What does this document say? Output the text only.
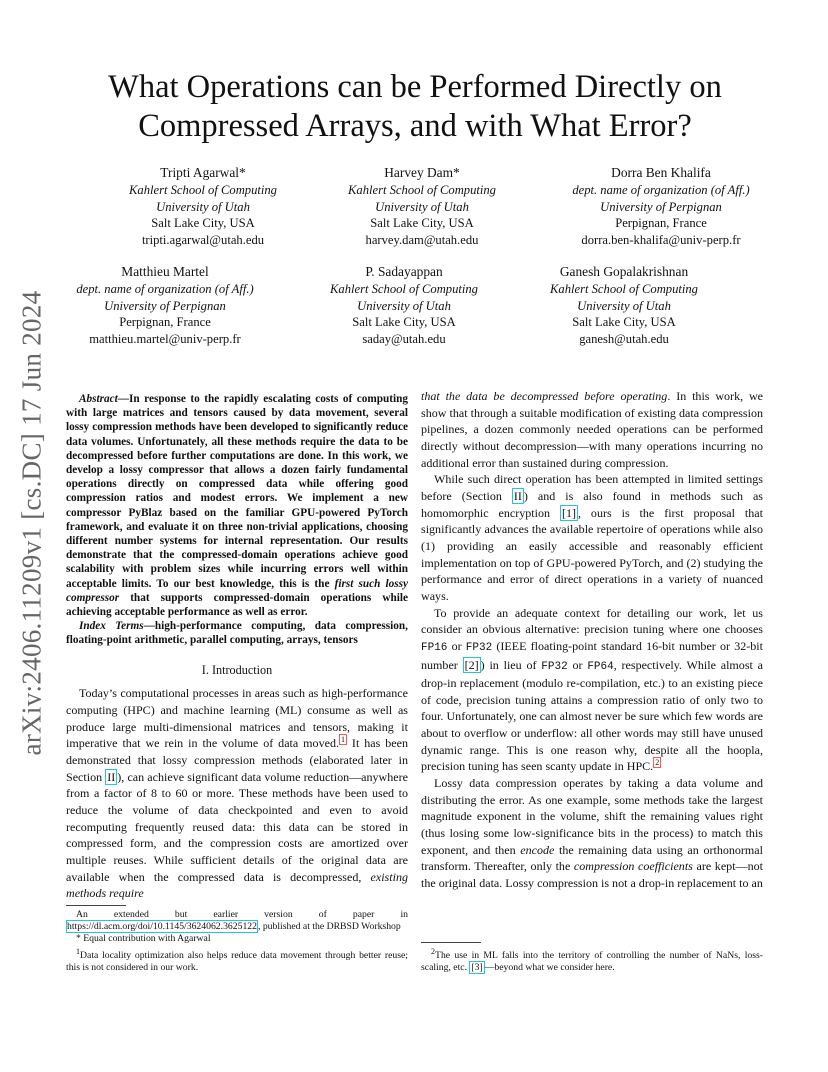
arXiv:2406.11209v1 [cs.DC] 17 Jun 2024
What Operations can be Performed Directly on
Compressed Arrays, and with What Error?
Tripti Agarwal*
Kahlert School of Computing
University of Utah
Salt Lake City, USA
tripti.agarwal@utah.edu
Harvey Dam*
Kahlert School of Computing
University of Utah
Salt Lake City, USA
harvey.dam@utah.edu
Dorra Ben Khalifa
dept. name of organization (of Aff.)
University of Perpignan
Perpignan, France
dorra.ben-khalifa@univ-perp.fr
Matthieu Martel
dept. name of organization (of Aff.)
University of Perpignan
Perpignan, France
matthieu.martel@univ-perp.fr
P. Sadayappan
Kahlert School of Computing
University of Utah
Salt Lake City, USA
saday@utah.edu
Ganesh Gopalakrishnan
Kahlert School of Computing
University of Utah
Salt Lake City, USA
ganesh@utah.edu

Abstract—In response to the rapidly escalating costs of computing with large matrices and tensors caused by data movement, several lossy compression methods have been developed to significantly reduce data volumes. Unfortunately, all these methods require the data to be decompressed before further computations are done. In this work, we develop a lossy compressor that allows a dozen fairly fundamental operations directly on compressed data while offering good compression ratios and modest errors. We implement a new compressor PyBlaz based on the familiar GPU-powered PyTorch framework, and evaluate it on three non-trivial applications, choosing different number systems for internal representation. Our results demonstrate that the compressed-domain operations achieve good scalability with problem sizes while incurring errors well within acceptable limits. To our best knowledge, this is the first such lossy compressor that supports compressed-domain operations while achieving acceptable performance as well as error.

Index Terms—high-performance computing, data compression, floating-point arithmetic, parallel computing, arrays, tensors

I. Introduction

Today’s computational processes in areas such as high-performance computing (HPC) and machine learning (ML) consume as well as produce large multi-dimensional matrices and tensors, making it imperative that we rein in the volume of data moved. $^1$ It has been demonstrated that lossy compression methods (elaborated later in Section II ), can achieve significant data volume reduction—anywhere from a factor of 8 to 60 or more. These methods have been used to reduce the volume of data checkpointed and even to avoid recomputing frequently reused data: this data can be stored in compressed form, and the compression costs are amortized over multiple reuses. While sufficient details of the original data are available when the compressed data is decompressed, existing methods require

An extended but earlier version of paper in https://dl.acm.org/doi/10.1145/3624062.3625122, published at the DRBSD Workshop

* Equal contribution with Agarwal

$^1$Data locality optimization also helps reduce data movement through better reuse; this is not considered in our work.

that the data be decompressed before operating. In this work, we show that through a suitable modification of existing data compression pipelines, a dozen commonly needed operations can be performed directly without decompression—with many operations incurring no additional error than sustained during compression.

While such direct operation has been attempted in limited settings before (Section II ) and is also found in methods such as homomorphic encryption [1] , ours is the first proposal that significantly advances the available repertoire of operations while also (1) providing an easily accessible and reasonably efficient implementation on top of GPU-powered PyTorch, and (2) studying the performance and error of direct operations in a variety of nuanced ways.

To provide an adequate context for detailing our work, let us consider an obvious alternative: precision tuning where one chooses FP16 or FP32 (IEEE floating-point standard 16-bit number or 32-bit number [2] ) in lieu of FP32 or FP64, respectively. While almost a drop-in replacement (modulo re-compilation, etc.) to an existing piece of code, precision tuning attains a compression ratio of only two to four. Unfortunately, one can almost never be sure which few words are about to overflow or underflow: all other words may still have unused dynamic range. This is one reason why, despite all the hoopla, precision tuning has seen scanty update in HPC. $^2$

Lossy data compression operates by taking a data volume and distributing the error. As one example, some methods take the largest magnitude exponent in the volume, shift the remaining values right (thus losing some low-significance bits in the process) to match this exponent, and then encode the remaining data using an orthonormal transform. Thereafter, only the compression coefficients are kept—not the original data. Lossy compression is not a drop-in replacement to an

$^2$The use in ML falls into the territory of controlling the number of NaNs, loss-scaling, etc. [3] —beyond what we consider here.
